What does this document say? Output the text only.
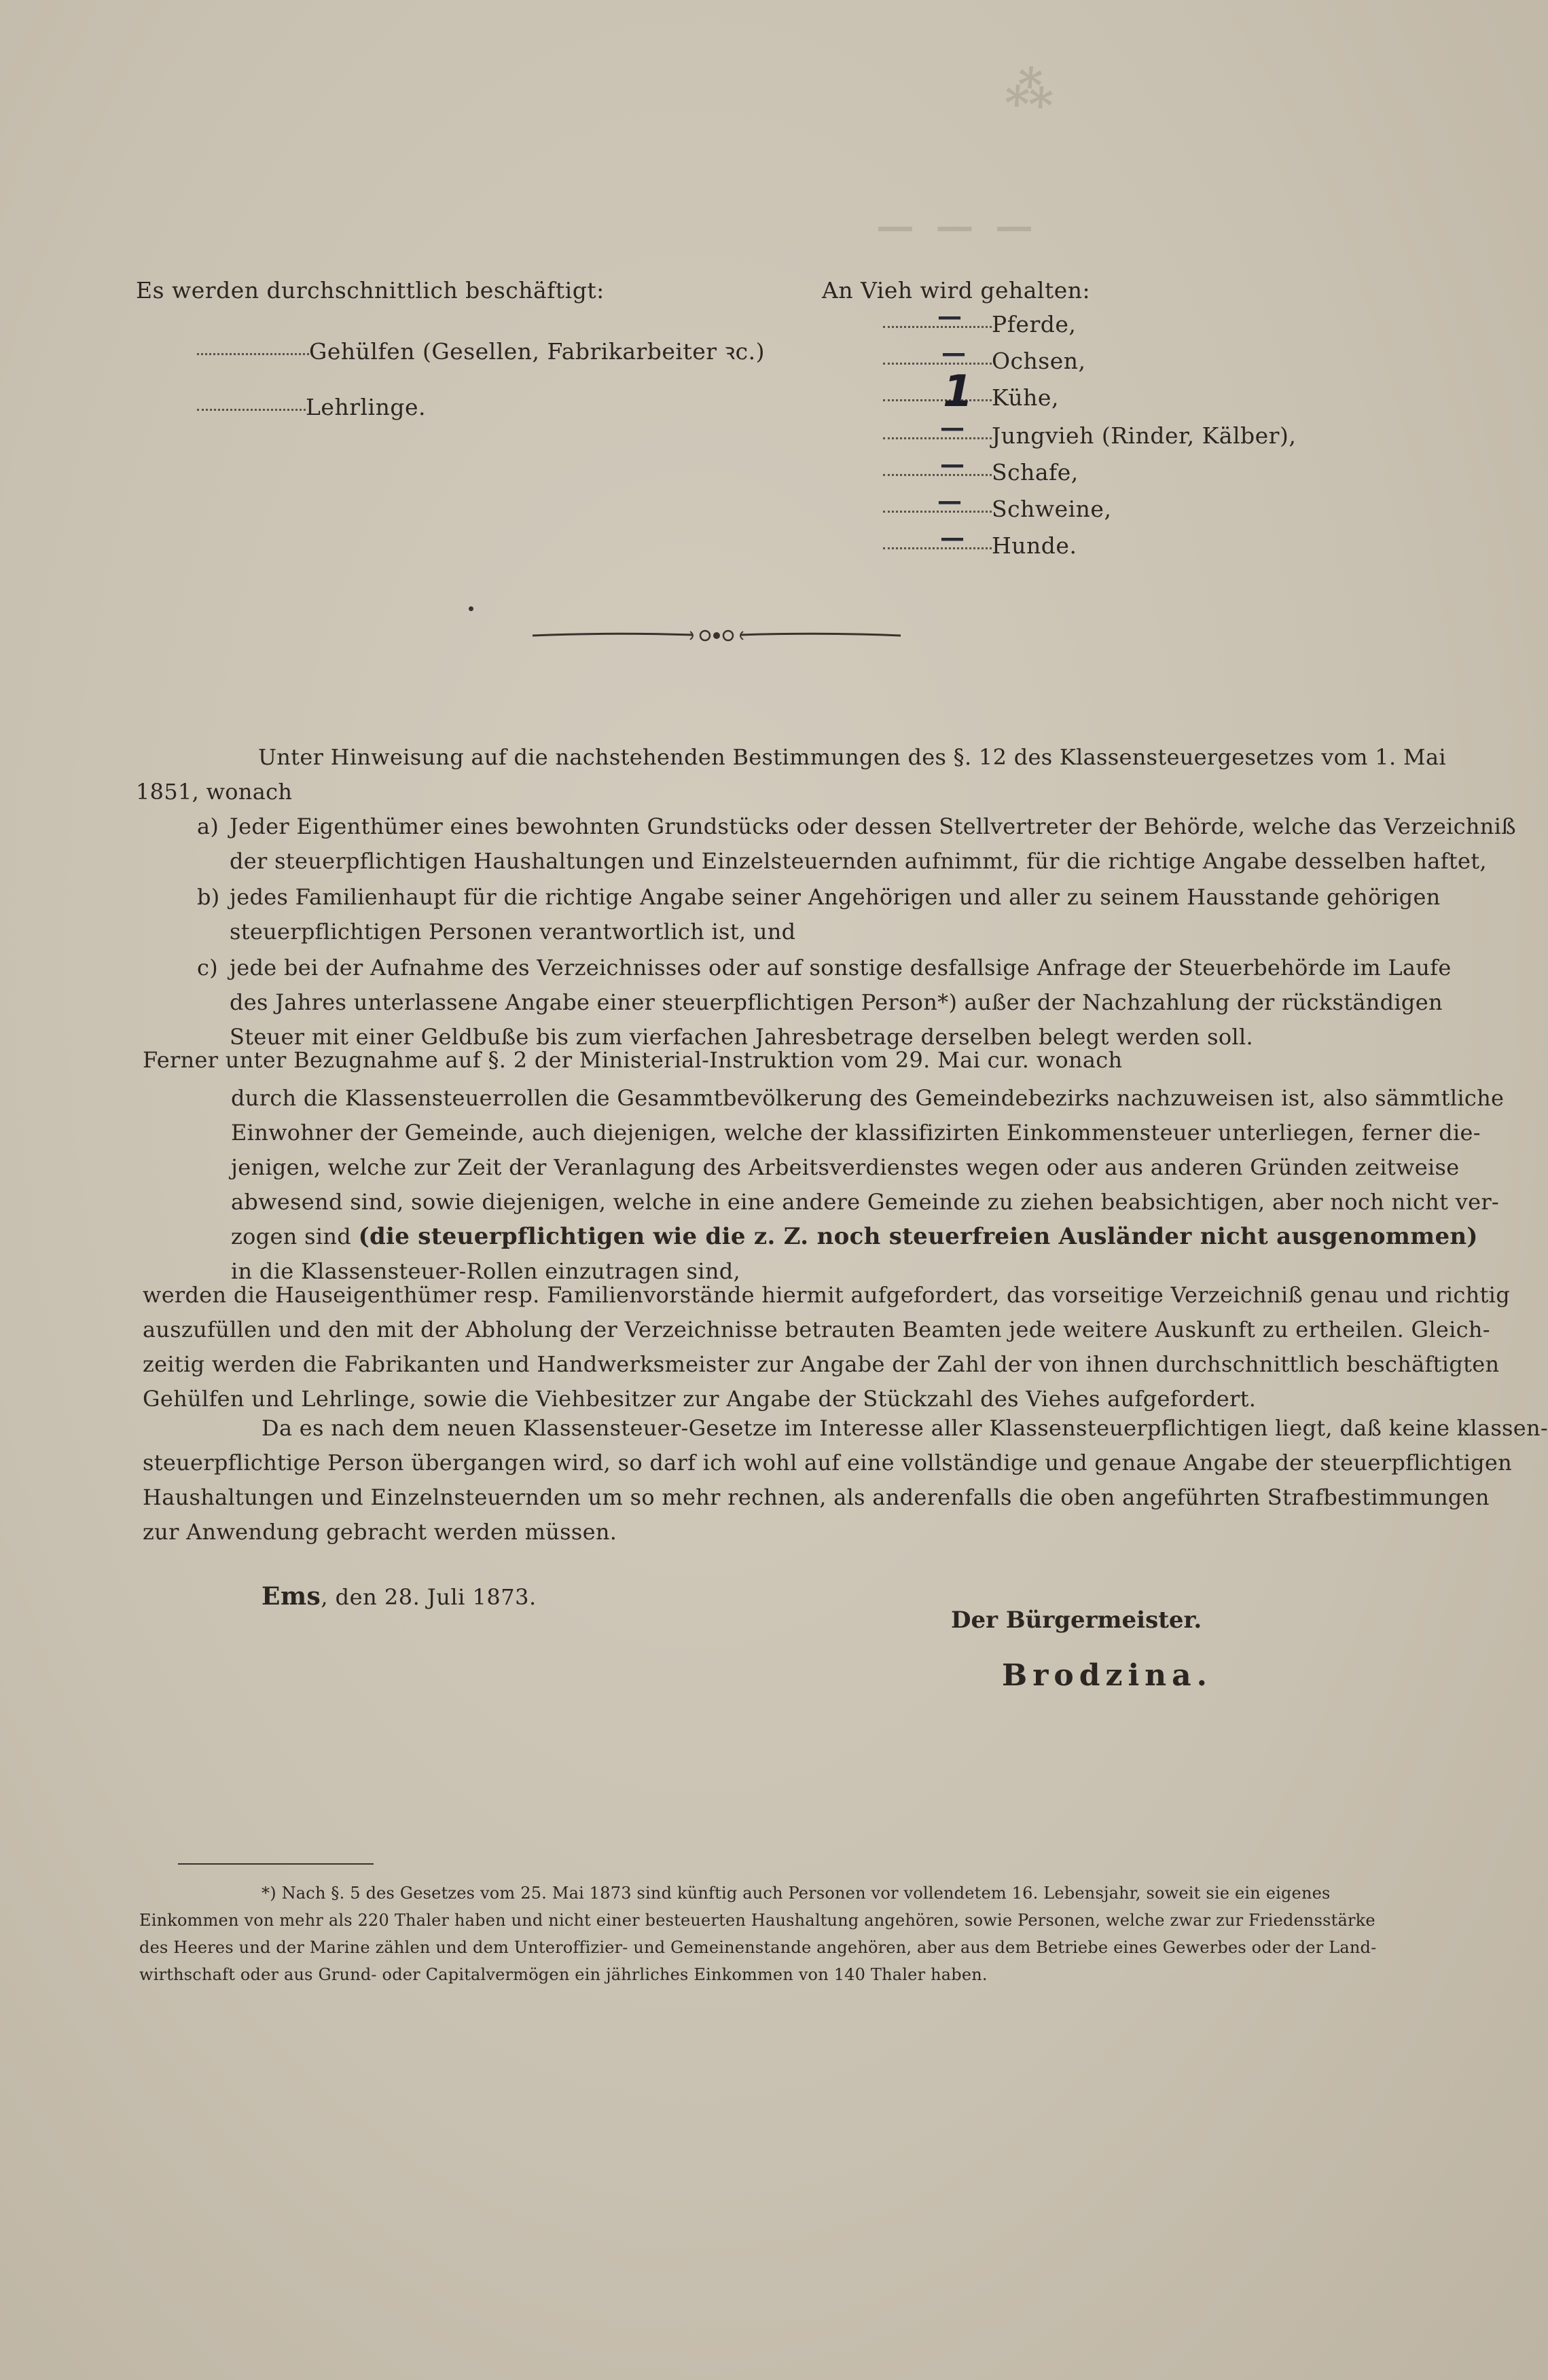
⁂
— — —
Es werden durchschnittlich beschäftigt:
Gehülfen (Gesellen, Fabrikarbeiter ꝛc.)
Lehrlinge.
An Vieh wird gehalten:
Pferde,
—
Ochsen,
—
Kühe,
1
Jungvieh (Rinder, Kälber),
—
Schafe,
—
Schweine,
—
Hunde.
—
Unter Hinweisung auf die nachstehenden Bestimmungen des §. 12 des Klassensteuergesetzes vom 1. Mai
1851, wonach
a) Jeder Eigenthümer eines bewohnten Grundstücks oder dessen Stellvertreter der Behörde, welche das Verzeichniß
der steuerpflichtigen Haushaltungen und Einzelsteuernden aufnimmt, für die richtige Angabe desselben haftet,
b) jedes Familienhaupt für die richtige Angabe seiner Angehörigen und aller zu seinem Hausstande gehörigen
steuerpflichtigen Personen verantwortlich ist, und
c) jede bei der Aufnahme des Verzeichnisses oder auf sonstige desfallsige Anfrage der Steuerbehörde im Laufe
des Jahres unterlassene Angabe einer steuerpflichtigen Person*) außer der Nachzahlung der rückständigen
Steuer mit einer Geldbuße bis zum vierfachen Jahresbetrage derselben belegt werden soll.
Ferner unter Bezugnahme auf §. 2 der Ministerial-Instruktion vom 29. Mai cur. wonach
durch die Klassensteuerrollen die Gesammtbevölkerung des Gemeindebezirks nachzuweisen ist, also sämmtliche
Einwohner der Gemeinde, auch diejenigen, welche der klassifizirten Einkommensteuer unterliegen, ferner die-
jenigen, welche zur Zeit der Veranlagung des Arbeitsverdienstes wegen oder aus anderen Gründen zeitweise
abwesend sind, sowie diejenigen, welche in eine andere Gemeinde zu ziehen beabsichtigen, aber noch nicht ver-
zogen sind (die steuerpflichtigen wie die z. Z. noch steuerfreien Ausländer nicht ausgenommen)
in die Klassensteuer-Rollen einzutragen sind,
werden die Hauseigenthümer resp. Familienvorstände hiermit aufgefordert, das vorseitige Verzeichniß genau und richtig
auszufüllen und den mit der Abholung der Verzeichnisse betrauten Beamten jede weitere Auskunft zu ertheilen. Gleich-
zeitig werden die Fabrikanten und Handwerksmeister zur Angabe der Zahl der von ihnen durchschnittlich beschäftigten
Gehülfen und Lehrlinge, sowie die Viehbesitzer zur Angabe der Stückzahl des Viehes aufgefordert.
Da es nach dem neuen Klassensteuer-Gesetze im Interesse aller Klassensteuerpflichtigen liegt, daß keine klassen-
steuerpflichtige Person übergangen wird, so darf ich wohl auf eine vollständige und genaue Angabe der steuerpflichtigen
Haushaltungen und Einzelnsteuernden um so mehr rechnen, als anderenfalls die oben angeführten Strafbestimmungen
zur Anwendung gebracht werden müssen.
Ems, den 28. Juli 1873.
Der Bürgermeister.
Brodzina.
*) Nach §. 5 des Gesetzes vom 25. Mai 1873 sind künftig auch Personen vor vollendetem 16. Lebensjahr, soweit sie ein eigenes
Einkommen von mehr als 220 Thaler haben und nicht einer besteuerten Haushaltung angehören, sowie Personen, welche zwar zur Friedensstärke
des Heeres und der Marine zählen und dem Unteroffizier- und Gemeinenstande angehören, aber aus dem Betriebe eines Gewerbes oder der Land-
wirthschaft oder aus Grund- oder Capitalvermögen ein jährliches Einkommen von 140 Thaler haben.
